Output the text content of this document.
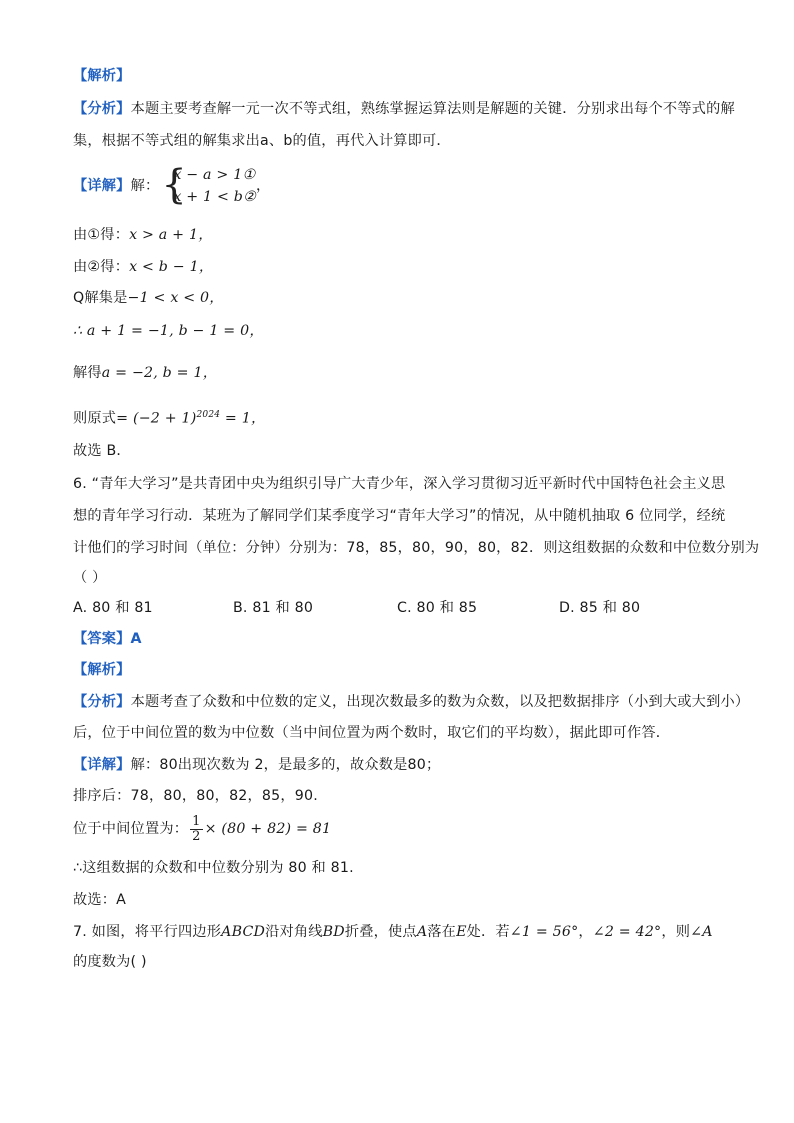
【解析】
【分析】本题主要考查解一元一次不等式组，熟练掌握运算法则是解题的关键．分别求出每个不等式的解
集，根据不等式组的解集求出a、b的值，再代入计算即可．
【详解】解： {
x − a > 1①
x + 1 < b②
，
由①得：x > a + 1，
由②得：x < b − 1，
Q解集是−1 < x < 0，
∴ a + 1 = −1, b − 1 = 0，
解得a = −2, b = 1，
则原式= $(-2 + 1)^{2024} = 1$，
故选 B．
6. “青年大学习”是共青团中央为组织引导广大青少年，深入学习贯彻习近平新时代中国特色社会主义思
想的青年学习行动．某班为了解同学们某季度学习“青年大学习”的情况，从中随机抽取 6 位同学，经统
计他们的学习时间（单位：分钟）分别为：78，85，80，90，80，82．则这组数据的众数和中位数分别为
（ ）
A. 80 和 81	B. 81 和 80	C. 80 和 85	D. 85 和 80
【答案】A
【解析】
【分析】本题考查了众数和中位数的定义，出现次数最多的数为众数，以及把数据排序（小到大或大到小）
后，位于中间位置的数为中位数（当中间位置为两个数时，取它们的平均数），据此即可作答．
【详解】解：80出现次数为 2，是最多的，故众数是80；
排序后：78，80，80，82，85，90.
位于中间位置为： $\frac{1}{2} \times (80 + 82) = 81$
∴这组数据的众数和中位数分别为 80 和 81.
故选：A
7. 如图，将平行四边形ABCD沿对角线BD折叠，使点A落在E处．若∠1 = 56°，∠2 = 42°，则∠A
的度数为( )
